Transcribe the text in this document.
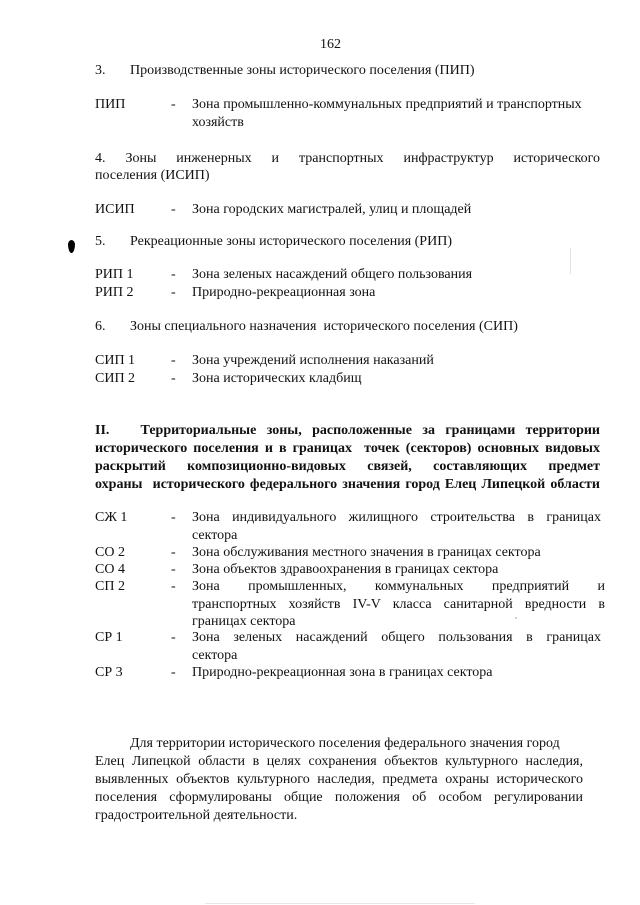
162
3. Производственные зоны исторического поселения (ПИП)
ПИП	- Зона промышленно-коммунальных предприятий и транспортных
хозяйств
4.   Зоны   инженерных   и   транспортных   инфраструктур   исторического
поселения (ИСИП)
ИСИП	- Зона городских магистралей, улиц и площадей
5. Рекреационные зоны исторического поселения (РИП)
РИП 1	- Зона зеленых насаждений общего пользования
РИП 2	- Природно-рекреационная зона
6. Зоны специального назначения  исторического поселения (СИП)
СИП 1	- Зона учреждений исполнения наказаний
СИП 2	- Зона исторических кладбищ
II.   Территориальные зоны, расположенные за границами территории
исторического поселения и в границах  точек (секторов) основных видовых
раскрытий  композиционно-видовых  связей,  составляющих  предмет
охраны  исторического федерального значения город Елец Липецкой области
СЖ 1	- Зона  индивидуального  жилищного  строительства  в  границах
сектора
СО 2	- Зона обслуживания местного значения в границах сектора
СО 4	- Зона объектов здравоохранения в границах сектора
СП 2	- Зона       промышленных,       коммунальных       предприятий       и
транспортных  хозяйств  IV-V  класса  санитарной  вредности  в
границах сектора
СР 1	- Зона  зеленых  насаждений  общего  пользования  в  границах
сектора
СР 3	- Природно-рекреационная зона в границах сектора
Для территории исторического поселения федерального значения город
Елец Липецкой области в целях сохранения объектов культурного наследия,
выявленных объектов культурного наследия, предмета охраны исторического
поселения  сформулированы  общие  положения  об  особом  регулировании
градостроительной деятельности.
